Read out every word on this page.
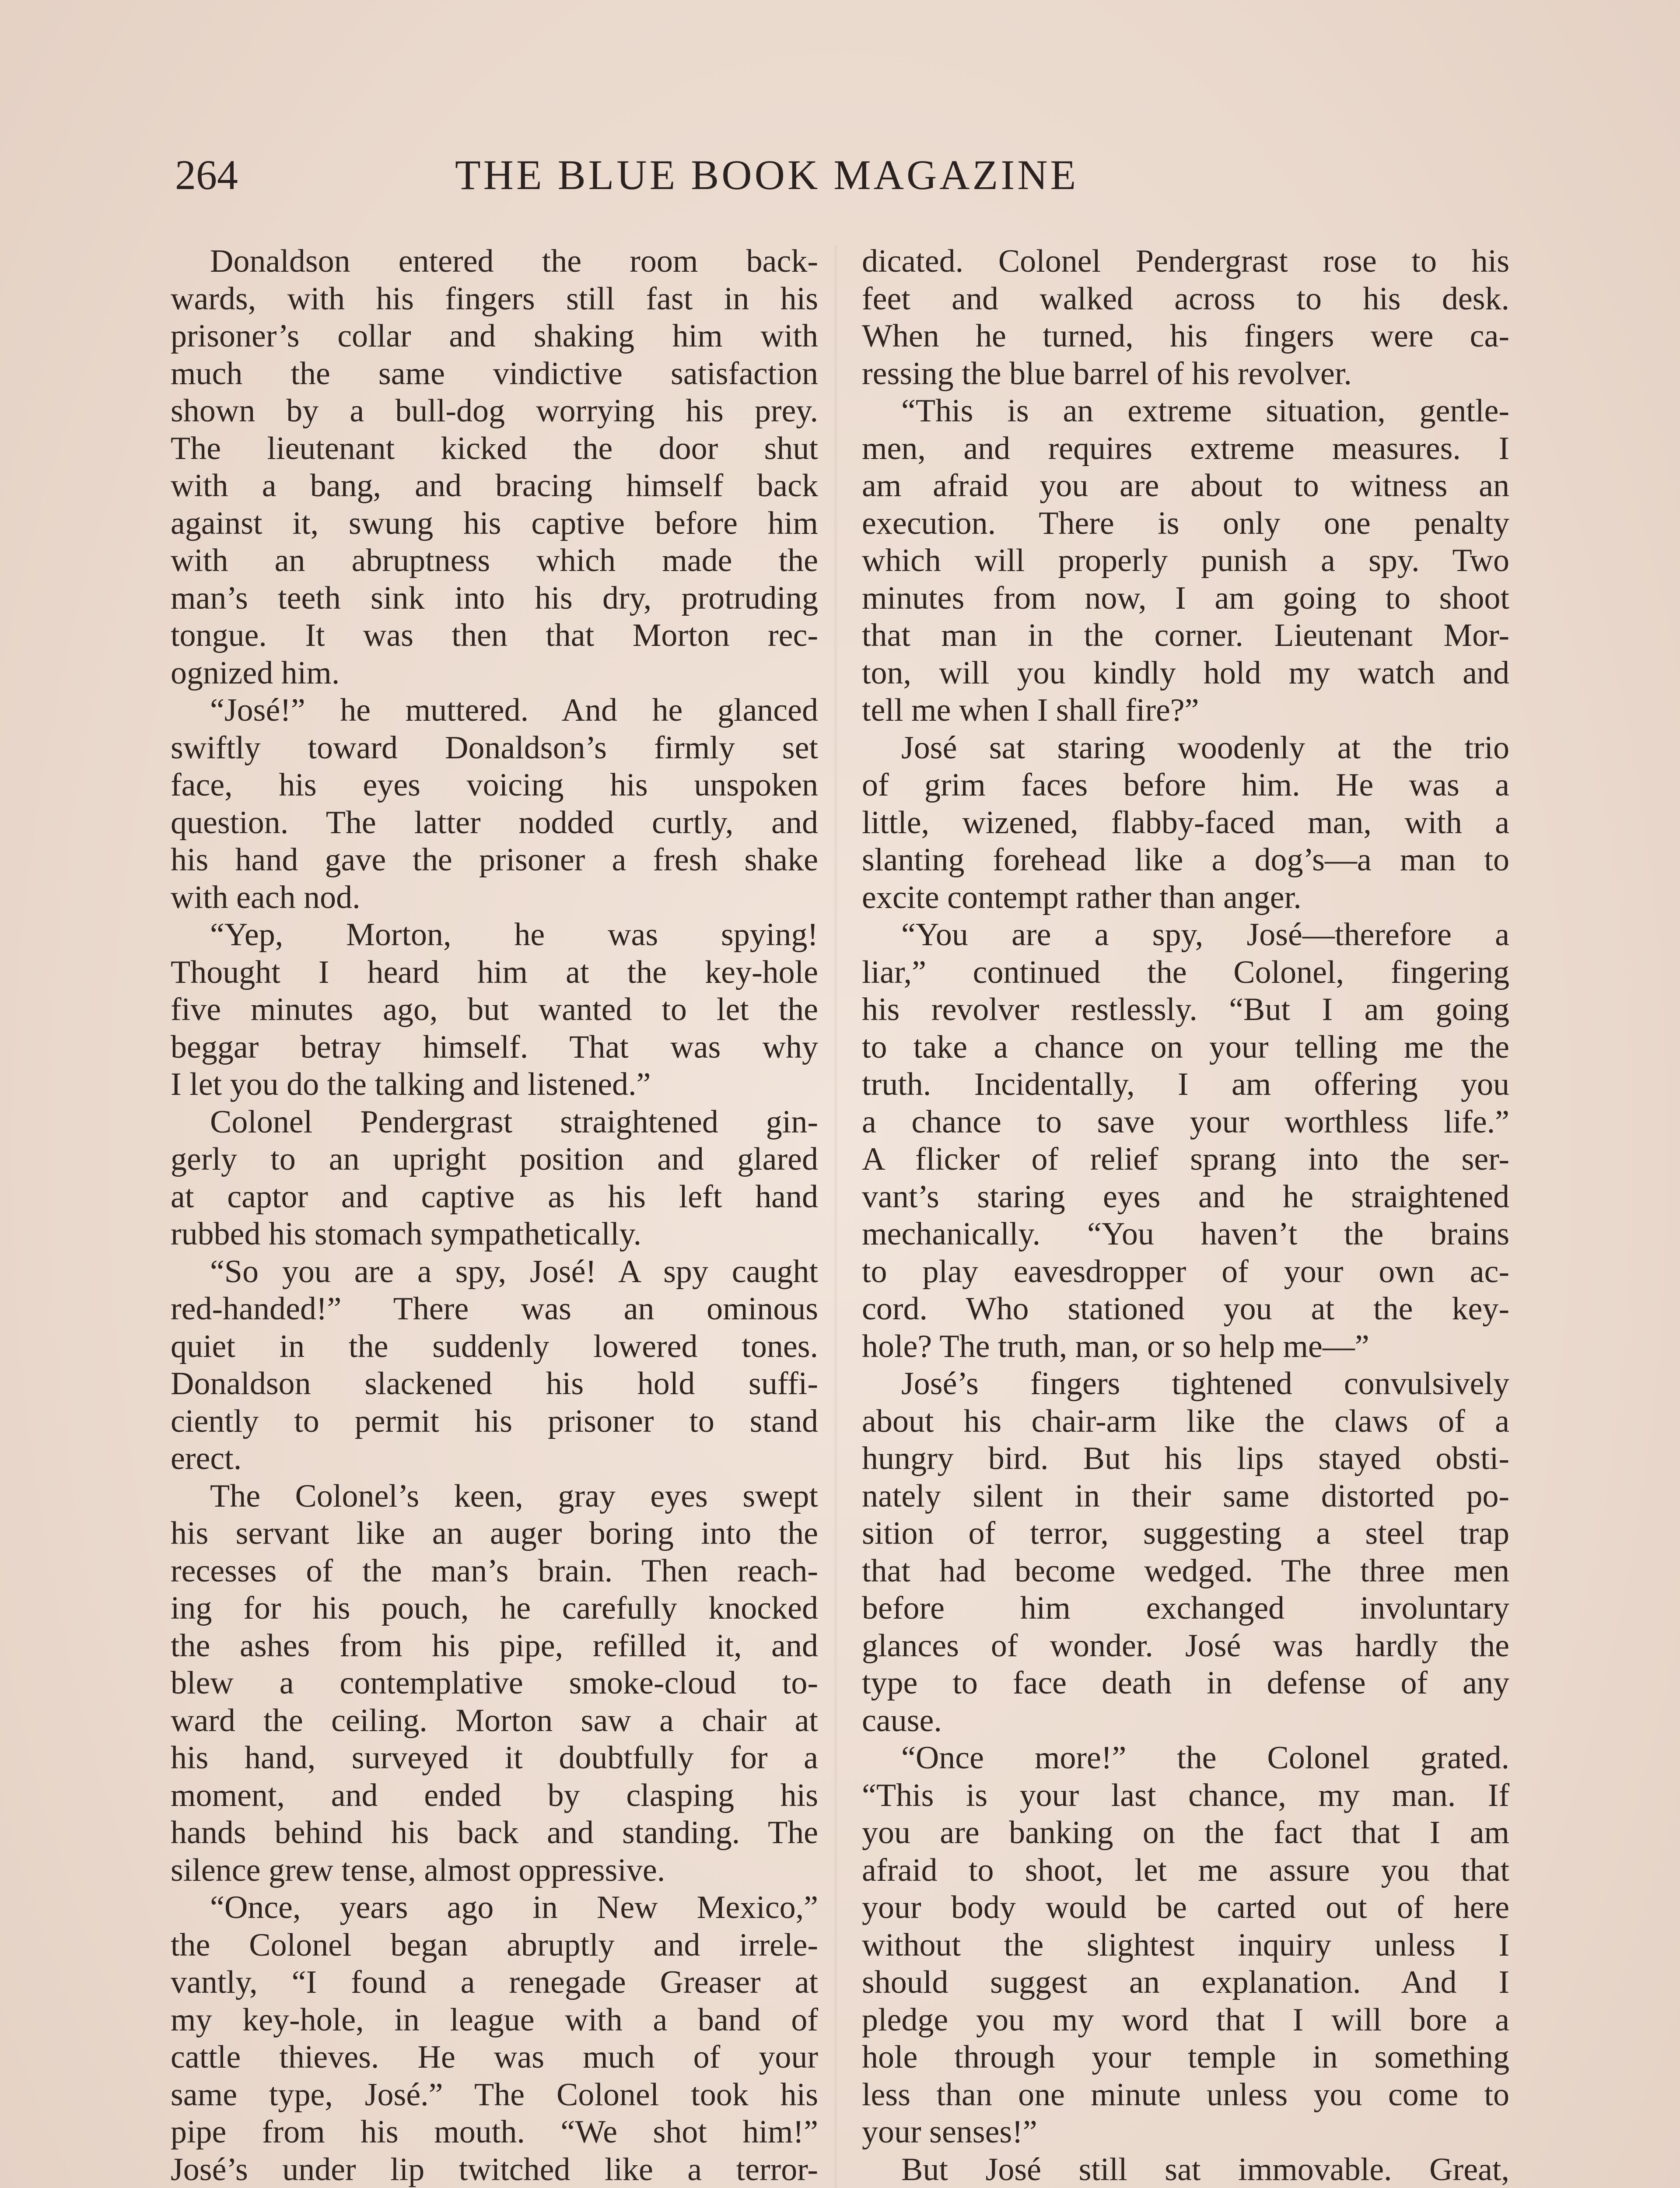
264	THE BLUE BOOK MAGAZINE
Donaldson entered the room back-
wards, with his fingers still fast in his
prisoner’s collar and shaking him with
much the same vindictive satisfaction
shown by a bull-dog worrying his prey.
The lieutenant kicked the door shut
with a bang, and bracing himself back
against it, swung his captive before him
with an abruptness which made the
man’s teeth sink into his dry, protruding
tongue. It was then that Morton rec-
ognized him.
“José!” he muttered. And he glanced
swiftly toward Donaldson’s firmly set
face, his eyes voicing his unspoken
question. The latter nodded curtly, and
his hand gave the prisoner a fresh shake
with each nod.
“Yep, Morton, he was spying!
Thought I heard him at the key-hole
five minutes ago, but wanted to let the
beggar betray himself. That was why
I let you do the talking and listened.”
Colonel Pendergrast straightened gin-
gerly to an upright position and glared
at captor and captive as his left hand
rubbed his stomach sympathetically.
“So you are a spy, José! A spy caught
red-handed!” There was an ominous
quiet in the suddenly lowered tones.
Donaldson slackened his hold suffi-
ciently to permit his prisoner to stand
erect.
The Colonel’s keen, gray eyes swept
his servant like an auger boring into the
recesses of the man’s brain. Then reach-
ing for his pouch, he carefully knocked
the ashes from his pipe, refilled it, and
blew a contemplative smoke-cloud to-
ward the ceiling. Morton saw a chair at
his hand, surveyed it doubtfully for a
moment, and ended by clasping his
hands behind his back and standing. The
silence grew tense, almost oppressive.
“Once, years ago in New Mexico,”
the Colonel began abruptly and irrele-
vantly, “I found a renegade Greaser at
my key-hole, in league with a band of
cattle thieves. He was much of your
same type, José.” The Colonel took his
pipe from his mouth. “We shot him!”
José’s under lip twitched like a terror-
dicated. Colonel Pendergrast rose to his
feet and walked across to his desk.
When he turned, his fingers were ca-
ressing the blue barrel of his revolver.
“This is an extreme situation, gentle-
men, and requires extreme measures. I
am afraid you are about to witness an
execution. There is only one penalty
which will properly punish a spy. Two
minutes from now, I am going to shoot
that man in the corner. Lieutenant Mor-
ton, will you kindly hold my watch and
tell me when I shall fire?”
José sat staring woodenly at the trio
of grim faces before him. He was a
little, wizened, flabby-faced man, with a
slanting forehead like a dog’s—a man to
excite contempt rather than anger.
“You are a spy, José—therefore a
liar,” continued the Colonel, fingering
his revolver restlessly. “But I am going
to take a chance on your telling me the
truth. Incidentally, I am offering you
a chance to save your worthless life.”
A flicker of relief sprang into the ser-
vant’s staring eyes and he straightened
mechanically. “You haven’t the brains
to play eavesdropper of your own ac-
cord. Who stationed you at the key-
hole? The truth, man, or so help me—”
José’s fingers tightened convulsively
about his chair-arm like the claws of a
hungry bird. But his lips stayed obsti-
nately silent in their same distorted po-
sition of terror, suggesting a steel trap
that had become wedged. The three men
before him exchanged involuntary
glances of wonder. José was hardly the
type to face death in defense of any
cause.
“Once more!” the Colonel grated.
“This is your last chance, my man. If
you are banking on the fact that I am
afraid to shoot, let me assure you that
your body would be carted out of here
without the slightest inquiry unless I
should suggest an explanation. And I
pledge you my word that I will bore a
hole through your temple in something
less than one minute unless you come to
your senses!”
But José still sat immovable. Great,
